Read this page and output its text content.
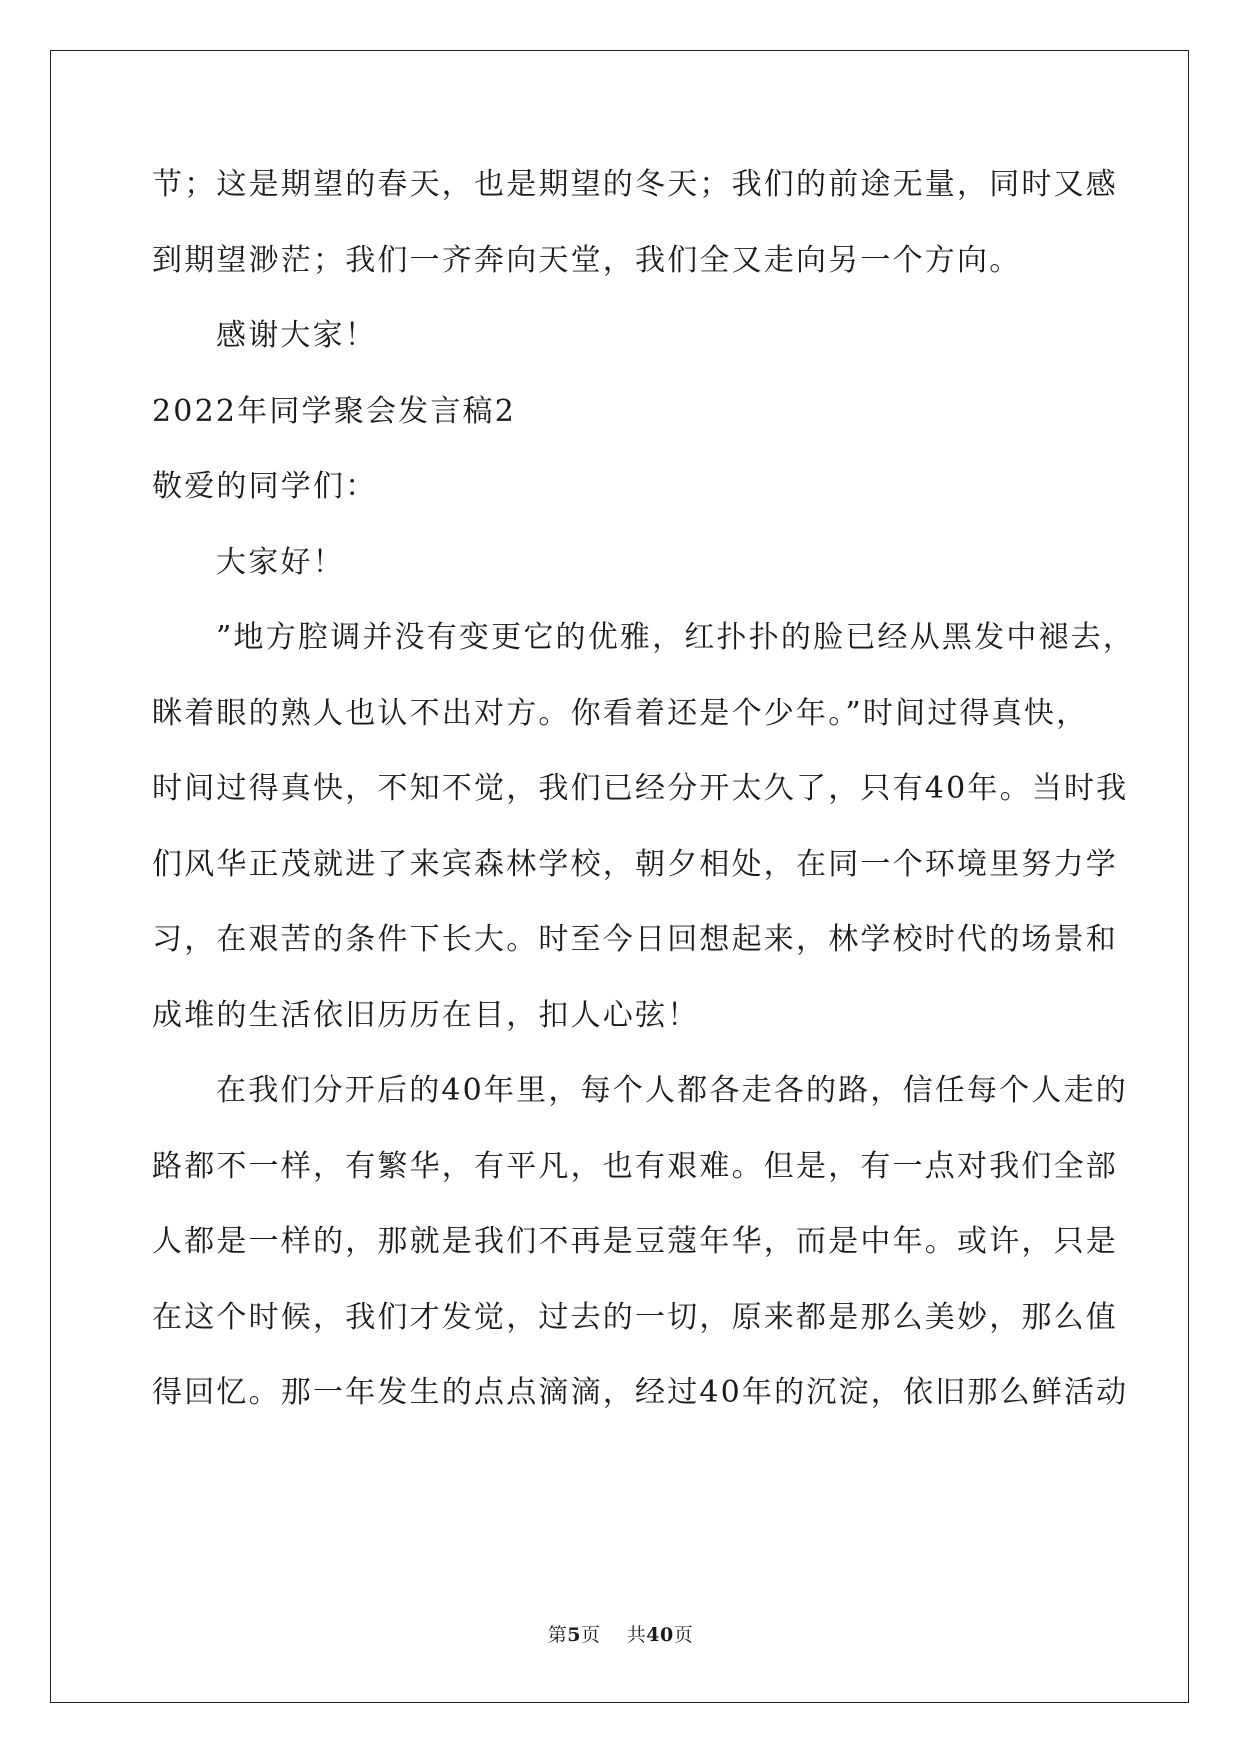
节；这是期望的春天，也是期望的冬天；我们的前途无量，同时又感
到期望渺茫；我们一齐奔向天堂，我们全又走向另一个方向。
感谢大家！
2022年同学聚会发言稿2
敬爱的同学们：
大家好！
”地方腔调并没有变更它的优雅，红扑扑的脸已经从黑发中褪去，
眯着眼的熟人也认不出对方。你看着还是个少年。”时间过得真快，
时间过得真快，不知不觉，我们已经分开太久了，只有40年。当时我
们风华正茂就进了来宾森林学校，朝夕相处，在同一个环境里努力学
习，在艰苦的条件下长大。时至今日回想起来，林学校时代的场景和
成堆的生活依旧历历在目，扣人心弦！
在我们分开后的40年里，每个人都各走各的路，信任每个人走的
路都不一样，有繁华，有平凡，也有艰难。但是，有一点对我们全部
人都是一样的，那就是我们不再是豆蔻年华，而是中年。或许，只是
在这个时候，我们才发觉，过去的一切，原来都是那么美妙，那么值
得回忆。那一年发生的点点滴滴，经过40年的沉淀，依旧那么鲜活动
第5页 共40页
